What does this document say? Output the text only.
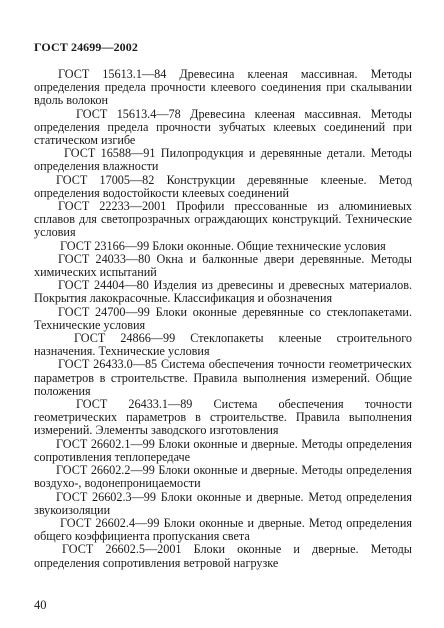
ГОСТ 24699—2002

ГОСТ 15613.1—84 Древесина клееная массивная. Методы определения предела прочности клеевого соединения при скалывании вдоль волокон

ГОСТ 15613.4—78 Древесина клееная массивная. Методы определения предела прочности зубчатых клеевых соединений при статическом изгибе

ГОСТ 16588—91 Пилопродукция и деревянные детали. Методы определения влажности

ГОСТ 17005—82 Конструкции деревянные клееные. Метод определения водостойкости клеевых соединений

ГОСТ 22233—2001 Профили прессованные из алюминиевых сплавов для светопрозрачных ограждающих конструкций. Технические условия

ГОСТ 23166—99 Блоки оконные. Общие технические условия

ГОСТ 24033—80 Окна и балконные двери деревянные. Методы химических испытаний

ГОСТ 24404—80 Изделия из древесины и древесных материалов. Покрытия лакокрасочные. Классификация и обозначения

ГОСТ 24700—99 Блоки оконные деревянные со стеклопакетами. Технические условия

ГОСТ 24866—99 Стеклопакеты клееные строительного назначения. Технические условия

ГОСТ 26433.0—85 Система обеспечения точности геометрических параметров в строительстве. Правила выполнения измерений. Общие положения

ГОСТ 26433.1—89 Система обеспечения точности геометрических параметров в строительстве. Правила выполнения измерений. Элементы заводского изготовления

ГОСТ 26602.1—99 Блоки оконные и дверные. Методы определения сопротивления теплопередаче

ГОСТ 26602.2—99 Блоки оконные и дверные. Методы определения воздухо-, водонепроницаемости

ГОСТ 26602.3—99 Блоки оконные и дверные. Метод определения звукоизоляции

ГОСТ 26602.4—99 Блоки оконные и дверные. Метод определения общего коэффициента пропускания света

ГОСТ 26602.5—2001 Блоки оконные и дверные. Методы определения сопротивления ветровой нагрузке

40
